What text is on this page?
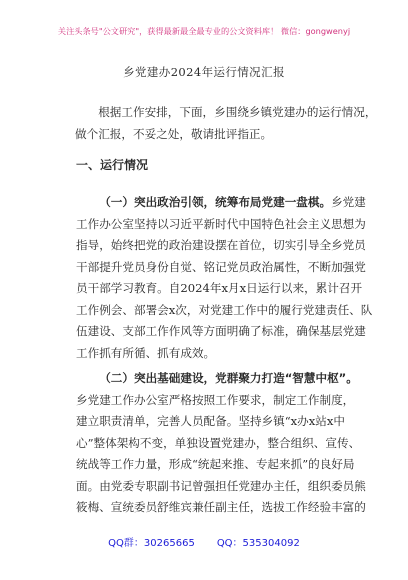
关注头条号"公文研究"，获得最新最全最专业的公文资料库！ 微信：gongwenyj
乡党建办2024年运行情况汇报

根据工作安排，下面，乡围绕乡镇党建办的运行情况，

做个汇报，不妥之处，敬请批评指正。

一、运行情况

（一）突出政治引领，统筹布局党建一盘棋。乡党建

工作办公室坚持以习近平新时代中国特色社会主义思想为

指导，始终把党的政治建设摆在首位，切实引导全乡党员

干部提升党员身份自觉、铭记党员政治属性，不断加强党

员干部学习教育。自2024年x月x日运行以来，累计召开

工作例会、部署会x次，对党建工作中的履行党建责任、队

伍建设、支部工作作风等方面明确了标准，确保基层党建

工作抓有所循、抓有成效。

（二）突出基础建设，党群聚力打造“智慧中枢”。

乡党建工作办公室严格按照工作要求，制定工作制度，

建立职责清单，完善人员配备。坚持乡镇“x办x站x中

心”整体架构不变，单独设置党建办，整合组织、宣传、

统战等工作力量，形成“统起来推、专起来抓”的良好局

面。由党委专职副书记曾强担任党建办主任，组织委员熊

筱梅、宣统委员舒维宾兼任副主任，选拔工作经验丰富的

QQ群：30265665 QQ：535304092
